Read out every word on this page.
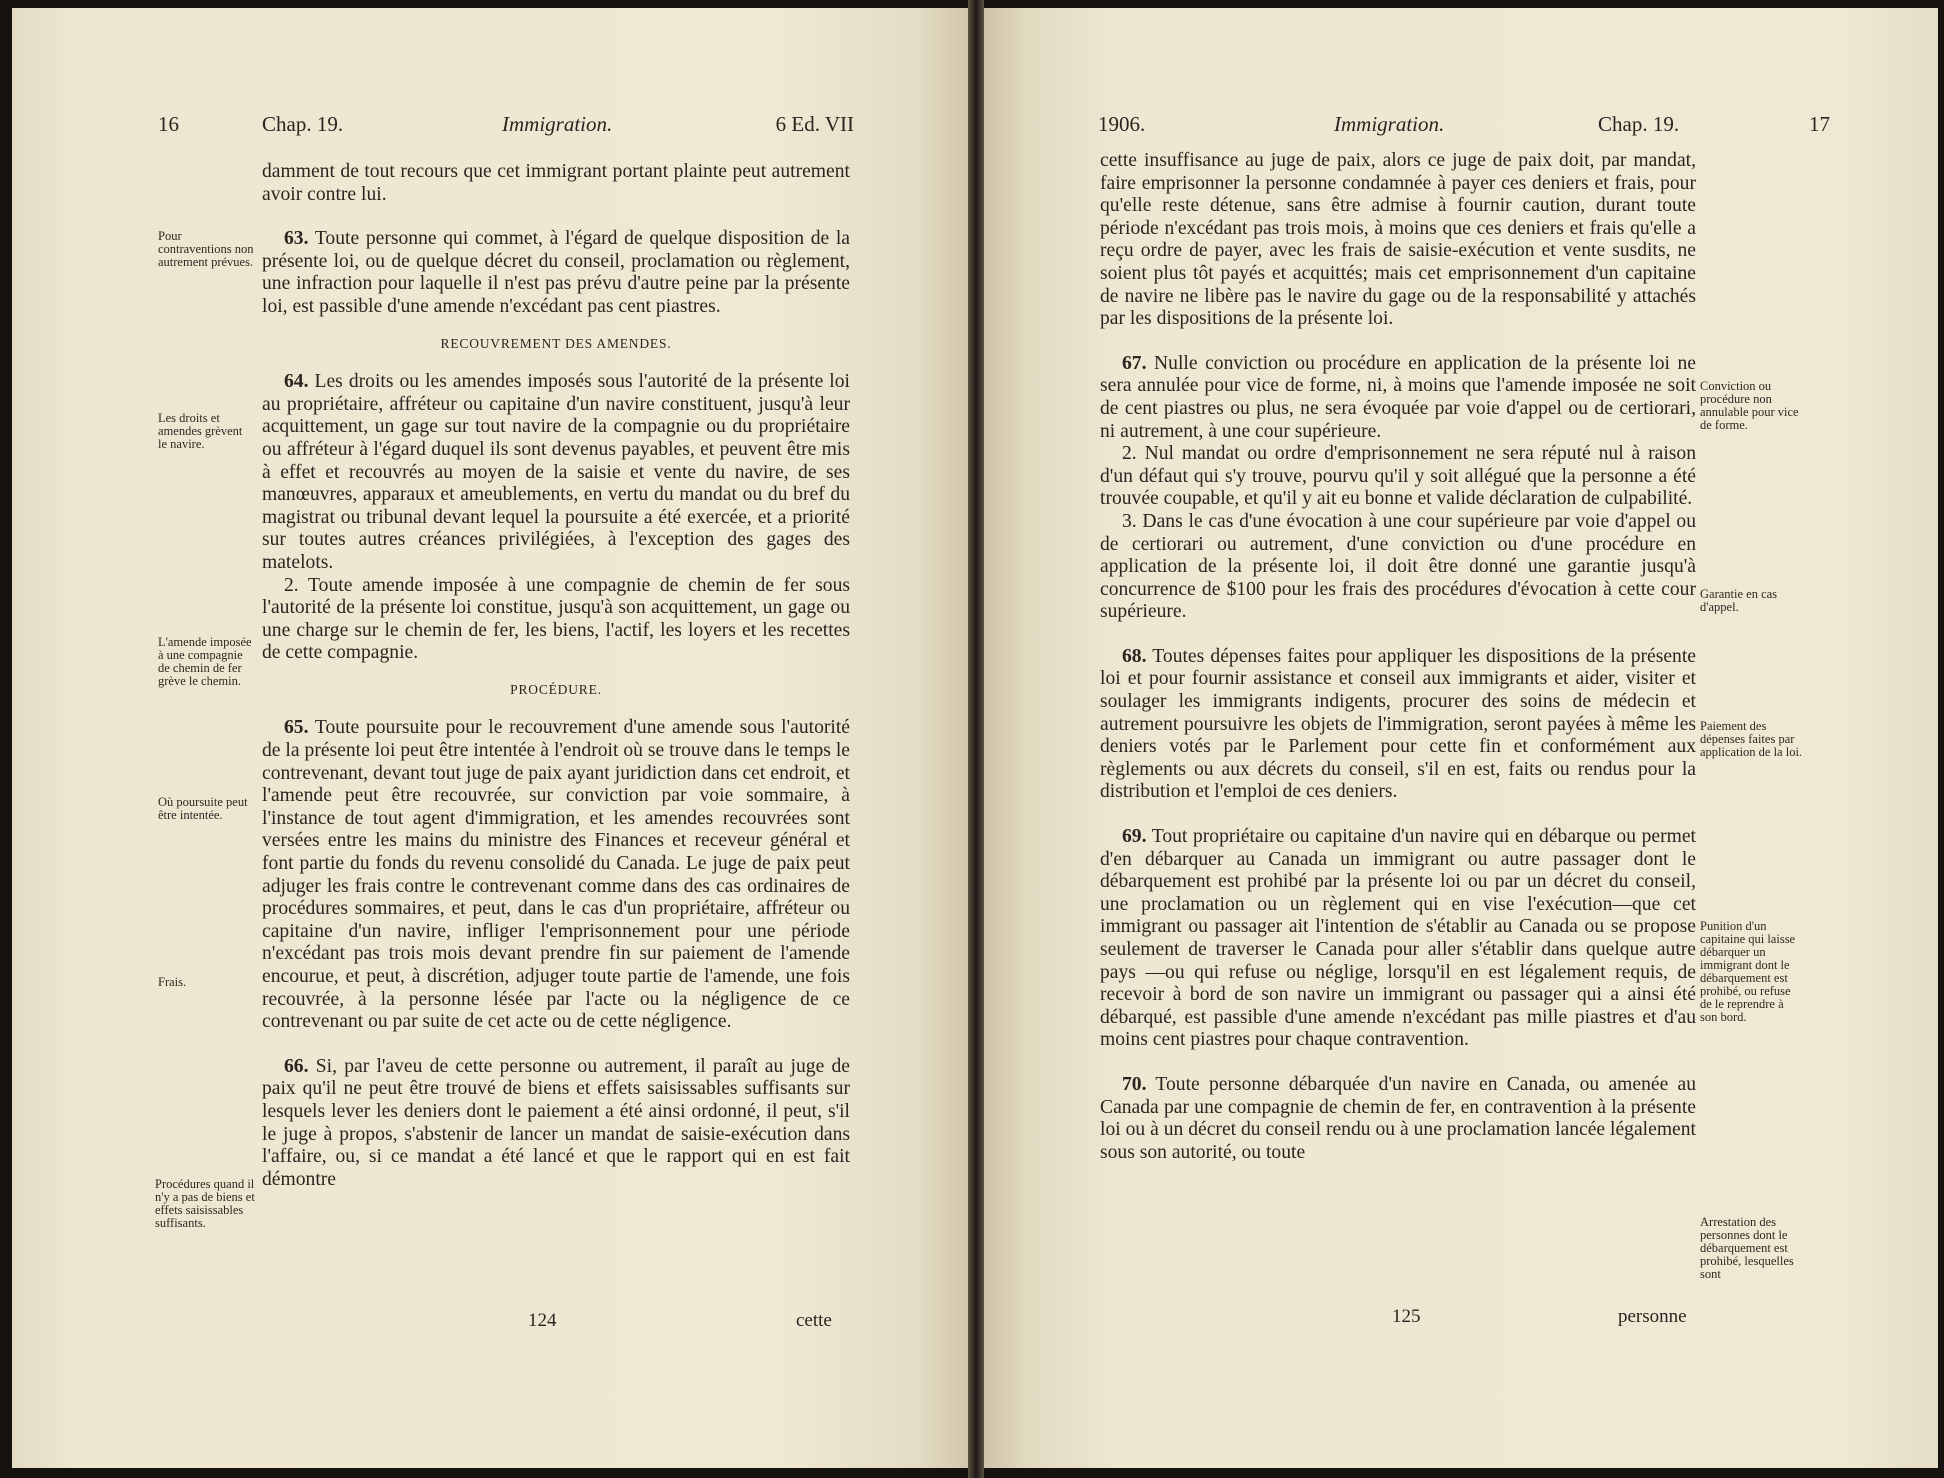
16	Chap. 19.	Immigration.	6 Ed. VII

damment de tout recours que cet immigrant portant plainte peut autrement avoir contre lui.

63. Toute personne qui commet, à l'égard de quelque disposition de la présente loi, ou de quelque décret du conseil, proclamation ou règlement, une infraction pour laquelle il n'est pas prévu d'autre peine par la présente loi, est passible d'une amende n'excédant pas cent piastres.

RECOUVREMENT DES AMENDES.

64. Les droits ou les amendes imposés sous l'autorité de la présente loi au propriétaire, affréteur ou capitaine d'un navire constituent, jusqu'à leur acquittement, un gage sur tout navire de la compagnie ou du propriétaire ou affréteur à l'égard duquel ils sont devenus payables, et peuvent être mis à effet et recouvrés au moyen de la saisie et vente du navire, de ses manœuvres, apparaux et ameublements, en vertu du mandat ou du bref du magistrat ou tribunal devant lequel la poursuite a été exercée, et a priorité sur toutes autres créances privilégiées, à l'exception des gages des matelots.

2. Toute amende imposée à une compagnie de chemin de fer sous l'autorité de la présente loi constitue, jusqu'à son acquittement, un gage ou une charge sur le chemin de fer, les biens, l'actif, les loyers et les recettes de cette compagnie.

PROCÉDURE.

65. Toute poursuite pour le recouvrement d'une amende sous l'autorité de la présente loi peut être intentée à l'endroit où se trouve dans le temps le contrevenant, devant tout juge de paix ayant juridiction dans cet endroit, et l'amende peut être recouvrée, sur conviction par voie sommaire, à l'instance de tout agent d'immigration, et les amendes recouvrées sont versées entre les mains du ministre des Finances et receveur général et font partie du fonds du revenu consolidé du Canada. Le juge de paix peut adjuger les frais contre le contrevenant comme dans des cas ordinaires de procédures sommaires, et peut, dans le cas d'un propriétaire, affréteur ou capitaine d'un navire, infliger l'emprisonnement pour une période n'excédant pas trois mois devant prendre fin sur paiement de l'amende encourue, et peut, à discrétion, adjuger toute partie de l'amende, une fois recouvrée, à la personne lésée par l'acte ou la négligence de ce contrevenant ou par suite de cet acte ou de cette négligence.

66. Si, par l'aveu de cette personne ou autrement, il paraît au juge de paix qu'il ne peut être trouvé de biens et effets saisissables suffisants sur lesquels lever les deniers dont le paiement a été ainsi ordonné, il peut, s'il le juge à propos, s'abstenir de lancer un mandat de saisie-exécution dans l'affaire, ou, si ce mandat a été lancé et que le rapport qui en est fait démontre

Pour contraventions non autrement prévues.
Les droits et amendes grèvent le navire.
L'amende imposée à une compagnie de chemin de fer grève le chemin.
Où poursuite peut être intentée.
Frais.
Procédures quand il n'y a pas de biens et effets saisissables suffisants.
124	cette
1906.	Immigration.	Chap. 19.	17

cette insuffisance au juge de paix, alors ce juge de paix doit, par mandat, faire emprisonner la personne condamnée à payer ces deniers et frais, pour qu'elle reste détenue, sans être admise à fournir caution, durant toute période n'excédant pas trois mois, à moins que ces deniers et frais qu'elle a reçu ordre de payer, avec les frais de saisie-exécution et vente susdits, ne soient plus tôt payés et acquittés; mais cet emprisonnement d'un capitaine de navire ne libère pas le navire du gage ou de la responsabilité y attachés par les dispositions de la présente loi.

67. Nulle conviction ou procédure en application de la présente loi ne sera annulée pour vice de forme, ni, à moins que l'amende imposée ne soit de cent piastres ou plus, ne sera évoquée par voie d'appel ou de certiorari, ni autrement, à une cour supérieure.

2. Nul mandat ou ordre d'emprisonnement ne sera réputé nul à raison d'un défaut qui s'y trouve, pourvu qu'il y soit allégué que la personne a été trouvée coupable, et qu'il y ait eu bonne et valide déclaration de culpabilité.

3. Dans le cas d'une évocation à une cour supérieure par voie d'appel ou de certiorari ou autrement, d'une conviction ou d'une procédure en application de la présente loi, il doit être donné une garantie jusqu'à concurrence de $100 pour les frais des procédures d'évocation à cette cour supérieure.

68. Toutes dépenses faites pour appliquer les dispositions de la présente loi et pour fournir assistance et conseil aux immigrants et aider, visiter et soulager les immigrants indigents, procurer des soins de médecin et autrement poursuivre les objets de l'immigration, seront payées à même les deniers votés par le Parlement pour cette fin et conformément aux règlements ou aux décrets du conseil, s'il en est, faits ou rendus pour la distribution et l'emploi de ces deniers.

69. Tout propriétaire ou capitaine d'un navire qui en débarque ou permet d'en débarquer au Canada un immigrant ou autre passager dont le débarquement est prohibé par la présente loi ou par un décret du conseil, une proclamation ou un règlement qui en vise l'exécution—que cet immigrant ou passager ait l'intention de s'établir au Canada ou se propose seulement de traverser le Canada pour aller s'établir dans quelque autre pays —ou qui refuse ou néglige, lorsqu'il en est légalement requis, de recevoir à bord de son navire un immigrant ou passager qui a ainsi été débarqué, est passible d'une amende n'excédant pas mille piastres et d'au moins cent piastres pour chaque contravention.

70. Toute personne débarquée d'un navire en Canada, ou amenée au Canada par une compagnie de chemin de fer, en contravention à la présente loi ou à un décret du conseil rendu ou à une proclamation lancée légalement sous son autorité, ou toute

Conviction ou procédure non annulable pour vice de forme.
Garantie en cas d'appel.
Paiement des dépenses faites par application de la loi.
Punition d'un capitaine qui laisse débarquer un immigrant dont le débarquement est prohibé, ou refuse de le reprendre à son bord.
Arrestation des personnes dont le débarquement est prohibé, lesquelles sont
125	personne
